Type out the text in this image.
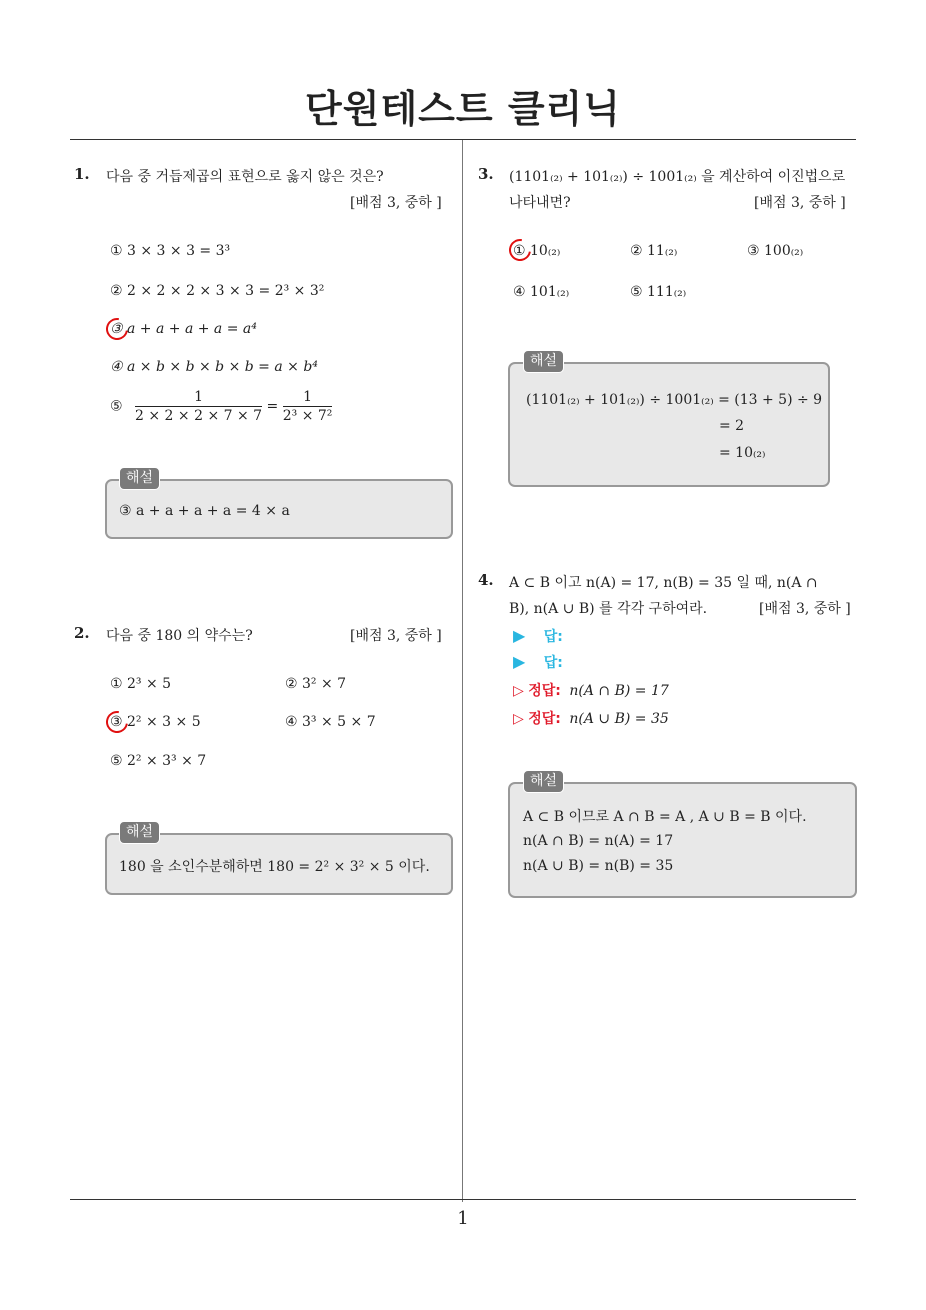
단원테스트 클리닉
1
1. 다음 중 거듭제곱의 표현으로 옳지 않은 것은?
[배점 3, 중하 ]
① 3 × 3 × 3 = 3³
② 2 × 2 × 2 × 3 × 3 = 2³ × 3²
③ a + a + a + a = a⁴
④ a × b × b × b × b = a × b⁴
⑤ $\frac{1}{2 \times 2 \times 2 \times 7 \times 7} = \frac{1}{\text{2³ × 7²}}$
③ a + a + a + a = 4 × a
해설
2. 다음 중 180 의 약수는?	[배점 3, 중하 ]
① 2³ × 5	② 3² × 7
③ 2² × 3 × 5	④ 3³ × 5 × 7
⑤ 2² × 3³ × 7
180 을 소인수분해하면 180 = 2² × 3² × 5 이다.
해설
3. (1101₍₂₎ + 101₍₂₎) ÷ 1001₍₂₎ 을 계산하여 이진법으로
나타내면?	[배점 3, 중하 ]
① 10₍₂₎	② 11₍₂₎	③ 100₍₂₎
④ 101₍₂₎	⑤ 111₍₂₎
(1101₍₂₎ + 101₍₂₎) ÷ 1001₍₂₎ = (13 + 5) ÷ 9
= 2
= 10₍₂₎
해설
4. A ⊂ B 이고 n(A) = 17, n(B) = 35 일 때, n(A ∩
B), n(A ∪ B) 를 각각 구하여라.	[배점 3, 중하 ]
▶ 답:
▶ 답:
▷ 정답: n(A ∩ B) = 17
▷ 정답: n(A ∪ B) = 35
A ⊂ B 이므로 A ∩ B = A , A ∪ B = B 이다.
n(A ∩ B) = n(A) = 17
n(A ∪ B) = n(B) = 35
해설
